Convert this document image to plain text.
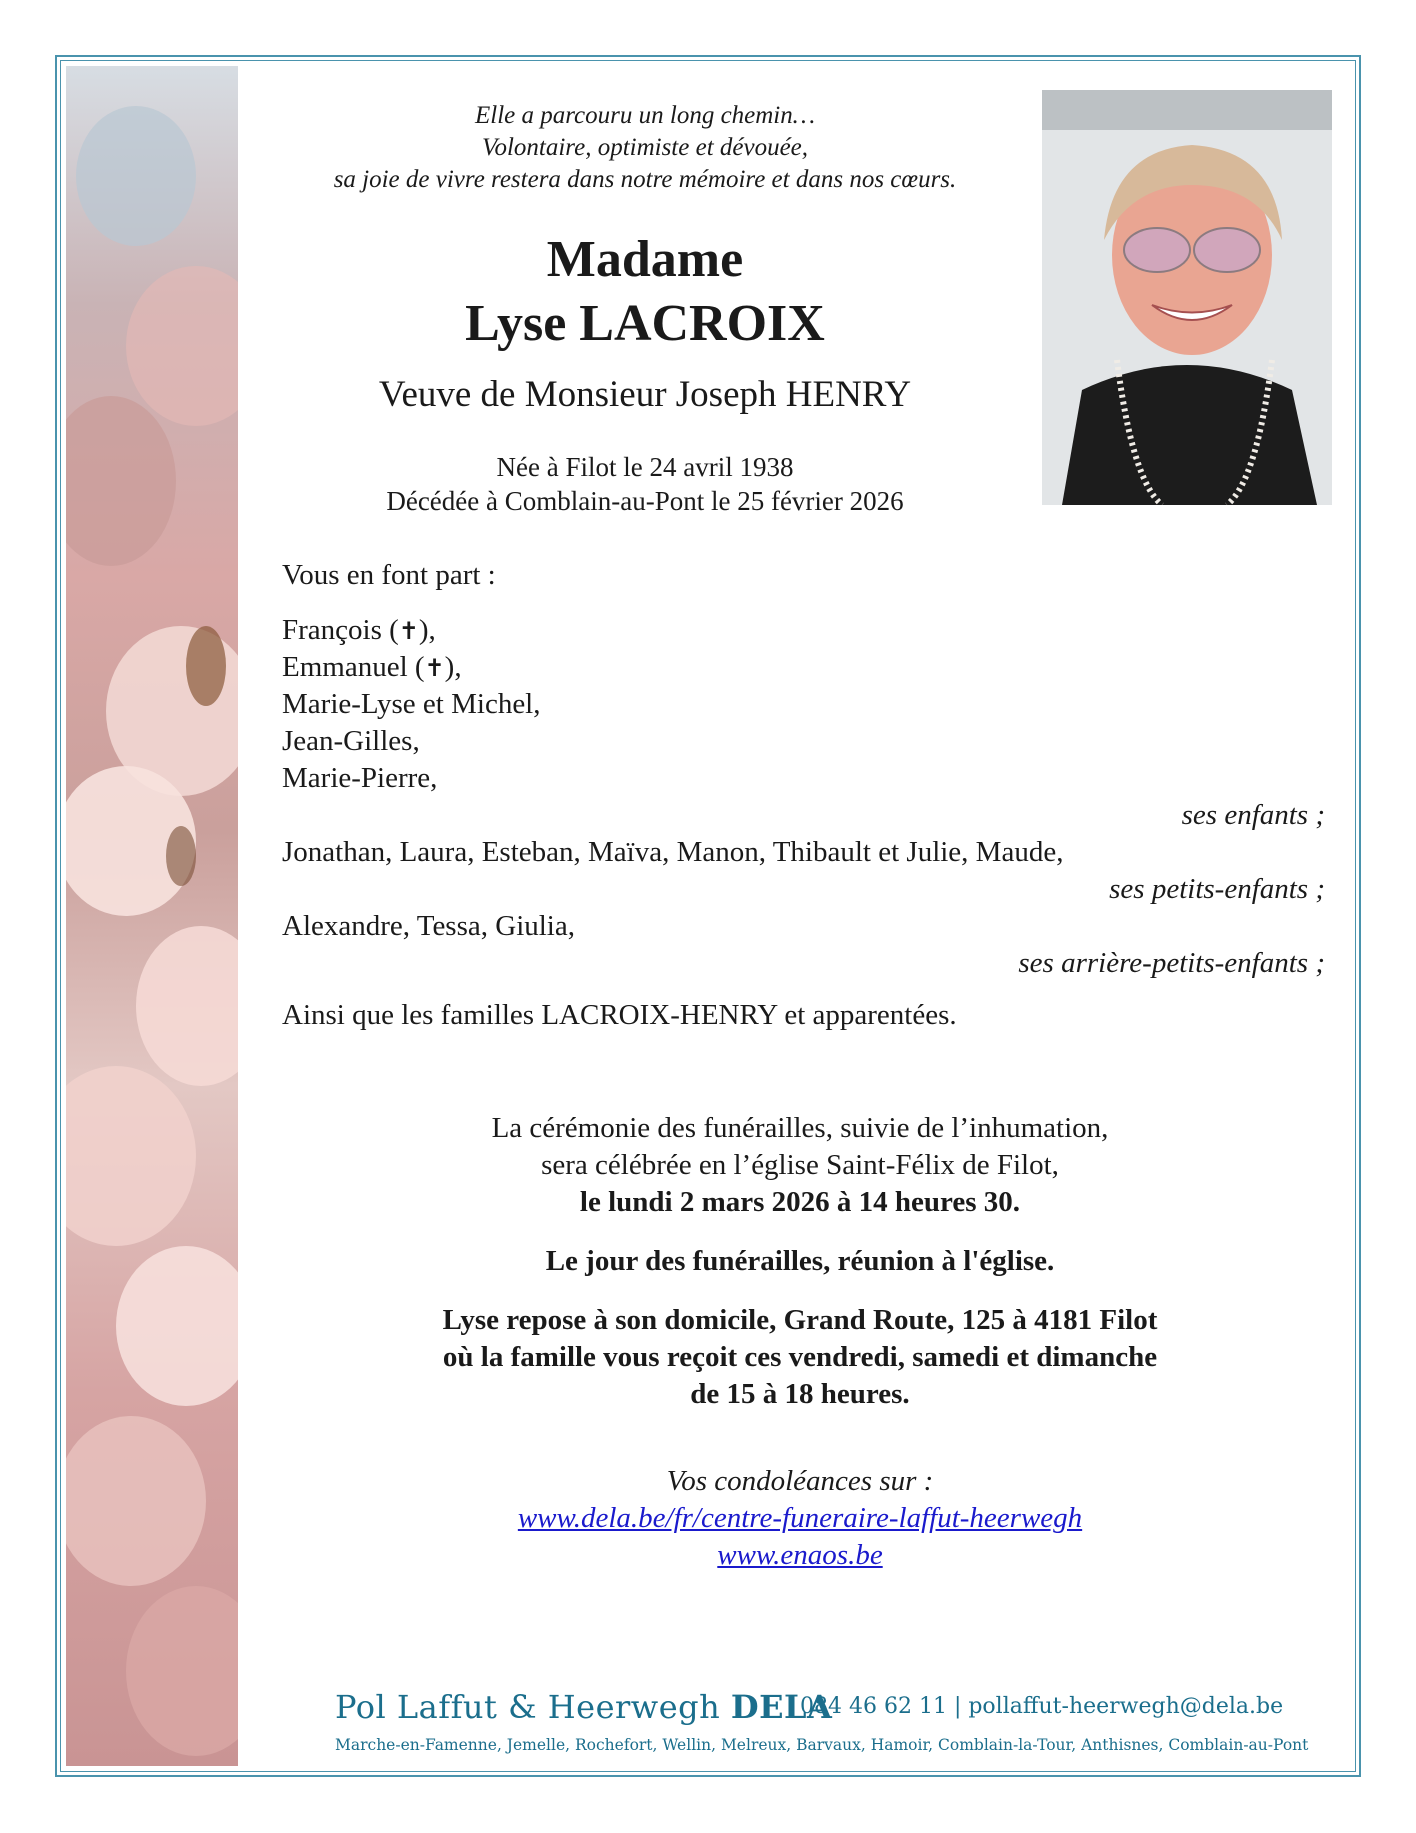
Elle a parcouru un long chemin…
Volontaire, optimiste et dévouée,
sa joie de vivre restera dans notre mémoire et dans nos cœurs.
Madame
Lyse LACROIX
Veuve de Monsieur Joseph HENRY
Née à Filot le 24 avril 1938
Décédée à Comblain-au-Pont le 25 février 2026
Vous en font part :
François (✝),
Emmanuel (✝),
Marie-Lyse et Michel,
Jean-Gilles,
Marie-Pierre,
ses enfants ;
Jonathan, Laura, Esteban, Maïva, Manon, Thibault et Julie, Maude,
ses petits-enfants ;
Alexandre, Tessa, Giulia,
ses arrière-petits-enfants ;
Ainsi que les familles LACROIX-HENRY et apparentées.
La cérémonie des funérailles, suivie de l’inhumation,
sera célébrée en l’église Saint-Félix de Filot,
le lundi 2 mars 2026 à 14 heures 30.
Le jour des funérailles, réunion à l'église.
Lyse repose à son domicile, Grand Route, 125 à 4181 Filot
où la famille vous reçoit ces vendredi, samedi et dimanche
de 15 à 18 heures.
Vos condoléances sur :
www.dela.be/fr/centre-funeraire-laffut-heerwegh
www.enaos.be
Pol Laffut & Heerwegh DELA
084 46 62 11 | pollaffut-heerwegh@dela.be
Marche-en-Famenne, Jemelle, Rochefort, Wellin, Melreux, Barvaux, Hamoir, Comblain-la-Tour, Anthisnes, Comblain-au-Pont
